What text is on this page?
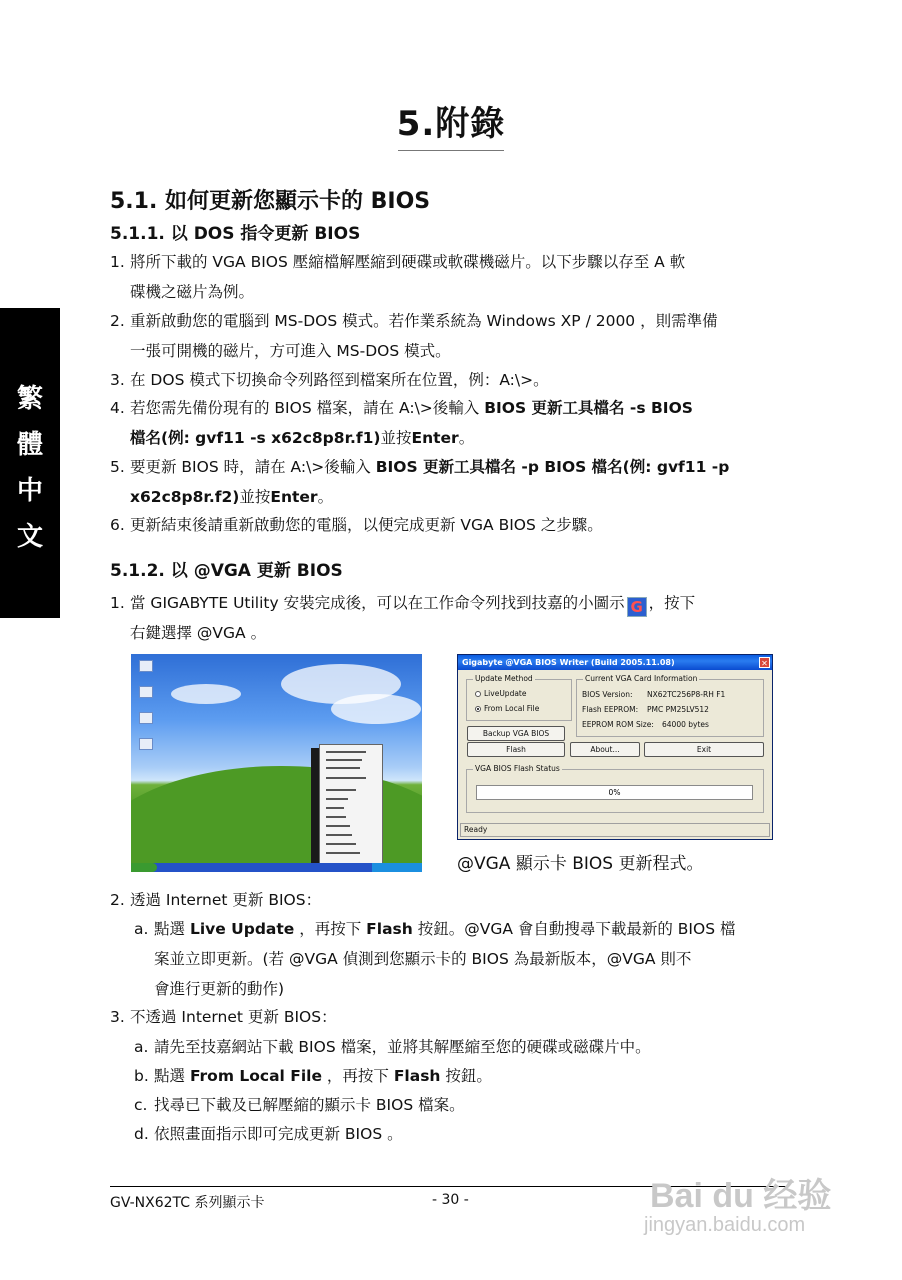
5.附錄
繁
體
中
文
5.1. 如何更新您顯示卡的 BIOS
5.1.1. 以 DOS 指令更新 BIOS
1. 將所下載的 VGA BIOS 壓縮檔解壓縮到硬碟或軟碟機磁片。以下步驟以存至 A 軟
碟機之磁片為例。
2. 重新啟動您的電腦到 MS-DOS 模式。若作業系統為 Windows XP / 2000 ，則需準備
一張可開機的磁片，方可進入 MS-DOS 模式。
3. 在 DOS 模式下切換命令列路徑到檔案所在位置，例：A:\>。
4. 若您需先備份現有的 BIOS 檔案，請在 A:\>後輸入 BIOS 更新工具檔名 -s BIOS
檔名(例: gvf11 -s x62c8p8r.f1)並按Enter。
5. 要更新 BIOS 時，請在 A:\>後輸入 BIOS 更新工具檔名 -p BIOS 檔名(例: gvf11 -p
x62c8p8r.f2)並按Enter。
6. 更新結束後請重新啟動您的電腦，以便完成更新 VGA BIOS 之步驟。
5.1.2. 以 @VGA 更新 BIOS
1. 當 GIGABYTE Utility 安裝完成後，可以在工作命令列找到技嘉的小圖示 G ，按下
右鍵選擇 @VGA 。
Gigabyte @VGA BIOS Writer (Build 2005.11.08)	✕
Update Method
LiveUpdate
From Local File
Current VGA Card Information
BIOS Version: NX62TC256P8-RH F1
Flash EEPROM: PMC PM25LV512
EEPROM ROM Size: 64000 bytes
Backup VGA BIOS
Flash	About...	Exit
VGA BIOS Flash Status
0%
Ready
@VGA 顯示卡 BIOS 更新程式。
2. 透過 Internet 更新 BIOS：
a. 點選 Live Update ，再按下 Flash 按鈕。@VGA 會自動搜尋下載最新的 BIOS 檔
案並立即更新。(若 @VGA 偵測到您顯示卡的 BIOS 為最新版本，@VGA 則不
會進行更新的動作)
3. 不透過 Internet 更新 BIOS：
a. 請先至技嘉網站下載 BIOS 檔案，並將其解壓縮至您的硬碟或磁碟片中。
b. 點選 From Local File ，再按下 Flash 按鈕。
c. 找尋已下載及已解壓縮的顯示卡 BIOS 檔案。
d. 依照畫面指示即可完成更新 BIOS 。
GV-NX62TC 系列顯示卡	- 30 -	Bai du 经验
jingyan.baidu.com
